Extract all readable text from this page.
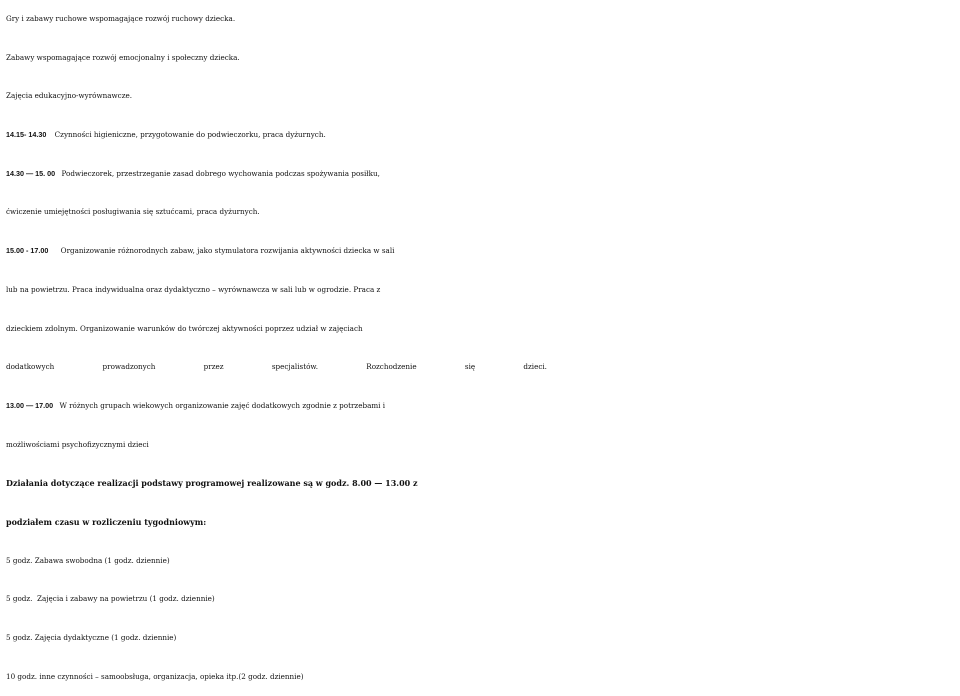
Gry i zabawy ruchowe wspomagające rozwój ruchowy dziecka.
Zabawy wspomagające rozwój emocjonalny i społeczny dziecka.
Zajęcia edukacyjno-wyrównawcze.
14.15- 14.30 Czynności higieniczne, przygotowanie do podwieczorku, praca dyżurnych.
14.30 — 15. 00 Podwieczorek, przestrzeganie zasad dobrego wychowania podczas spożywania posiłku,
ćwiczenie umiejętności posługiwania się sztućcami, praca dyżurnych.
15.00 - 17.00 Organizowanie różnorodnych zabaw, jako stymulatora rozwijania aktywności dziecka w sali
lub na powietrzu. Praca indywidualna oraz dydaktyczno – wyrównawcza w sali lub w ogrodzie. Praca z
dzieckiem zdolnym. Organizowanie warunków do twórczej aktywności poprzez udział w zajęciach
dodatkowych prowadzonych przez specjalistów. Rozchodzenie się dzieci.
13.00 — 17.00 W różnych grupach wiekowych organizowanie zajęć dodatkowych zgodnie z potrzebami i
możliwościami psychofizycznymi dzieci
Działania dotyczące realizacji podstawy programowej realizowane są w godz. 8.00 — 13.00 z
podziałem czasu w rozliczeniu tygodniowym:
5 godz. Zabawa swobodna (1 godz. dziennie)
5 godz.  Zajęcia i zabawy na powietrzu (1 godz. dziennie)
5 godz. Zajęcia dydaktyczne (1 godz. dziennie)
10 godz. inne czynności – samoobsługa, organizacja, opieka itp.(2 godz. dziennie)
